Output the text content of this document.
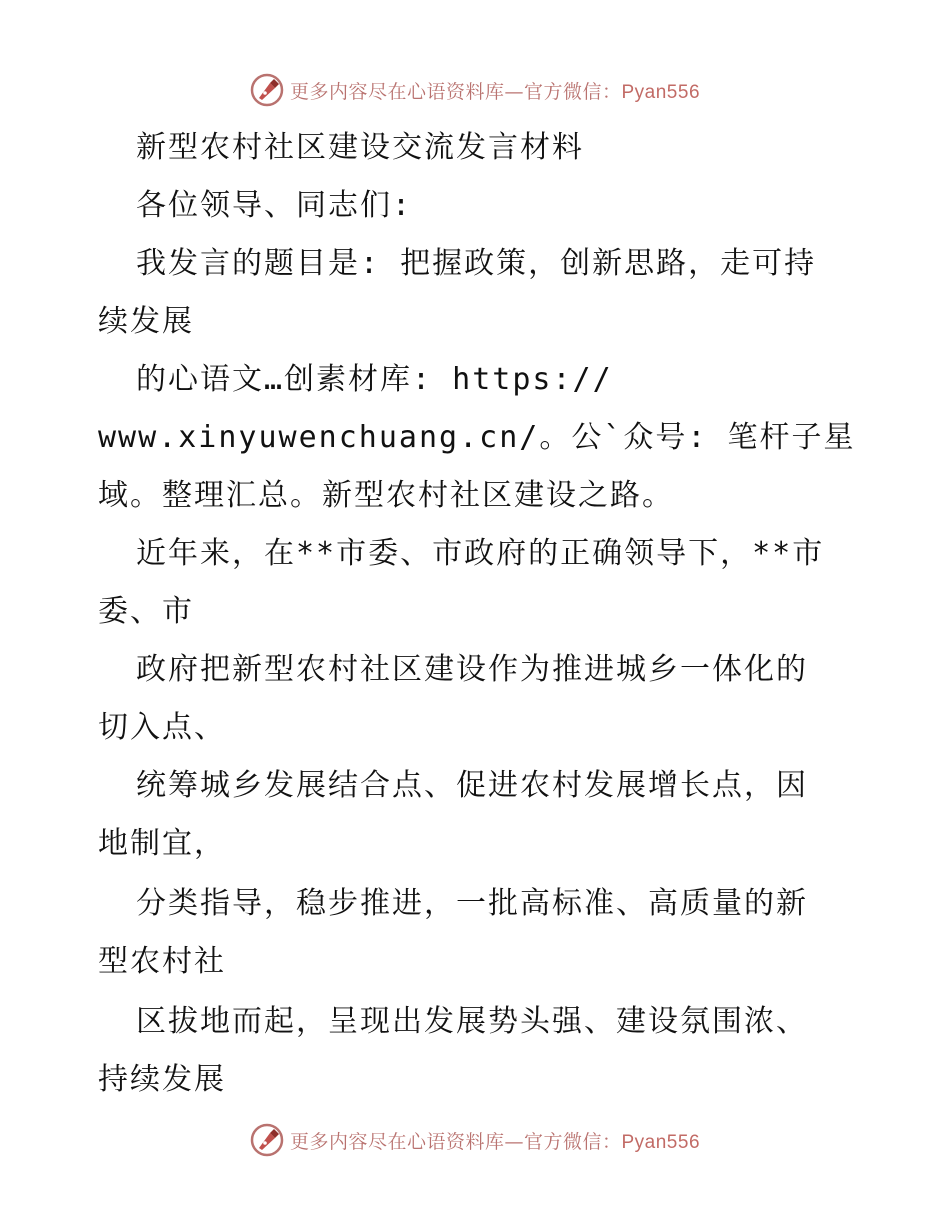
更多内容尽在心语资料库—官方微信：Pyan556
新型农村社区建设交流发言材料
各位领导、同志们:
我发言的题目是: 把握政策，创新思路，走可持
续发展
的心语文…创素材库: https://
www.xinyuwenchuang.cn/。公`众号: 笔杆子星
域。整理汇总。新型农村社区建设之路。
近年来，在**市委、市政府的正确领导下，**市
委、市
政府把新型农村社区建设作为推进城乡一体化的
切入点、
统筹城乡发展结合点、促进农村发展增长点，因
地制宜，
分类指导，稳步推进，一批高标准、高质量的新
型农村社
区拔地而起，呈现出发展势头强、建设氛围浓、
持续发展
更多内容尽在心语资料库—官方微信：Pyan556
